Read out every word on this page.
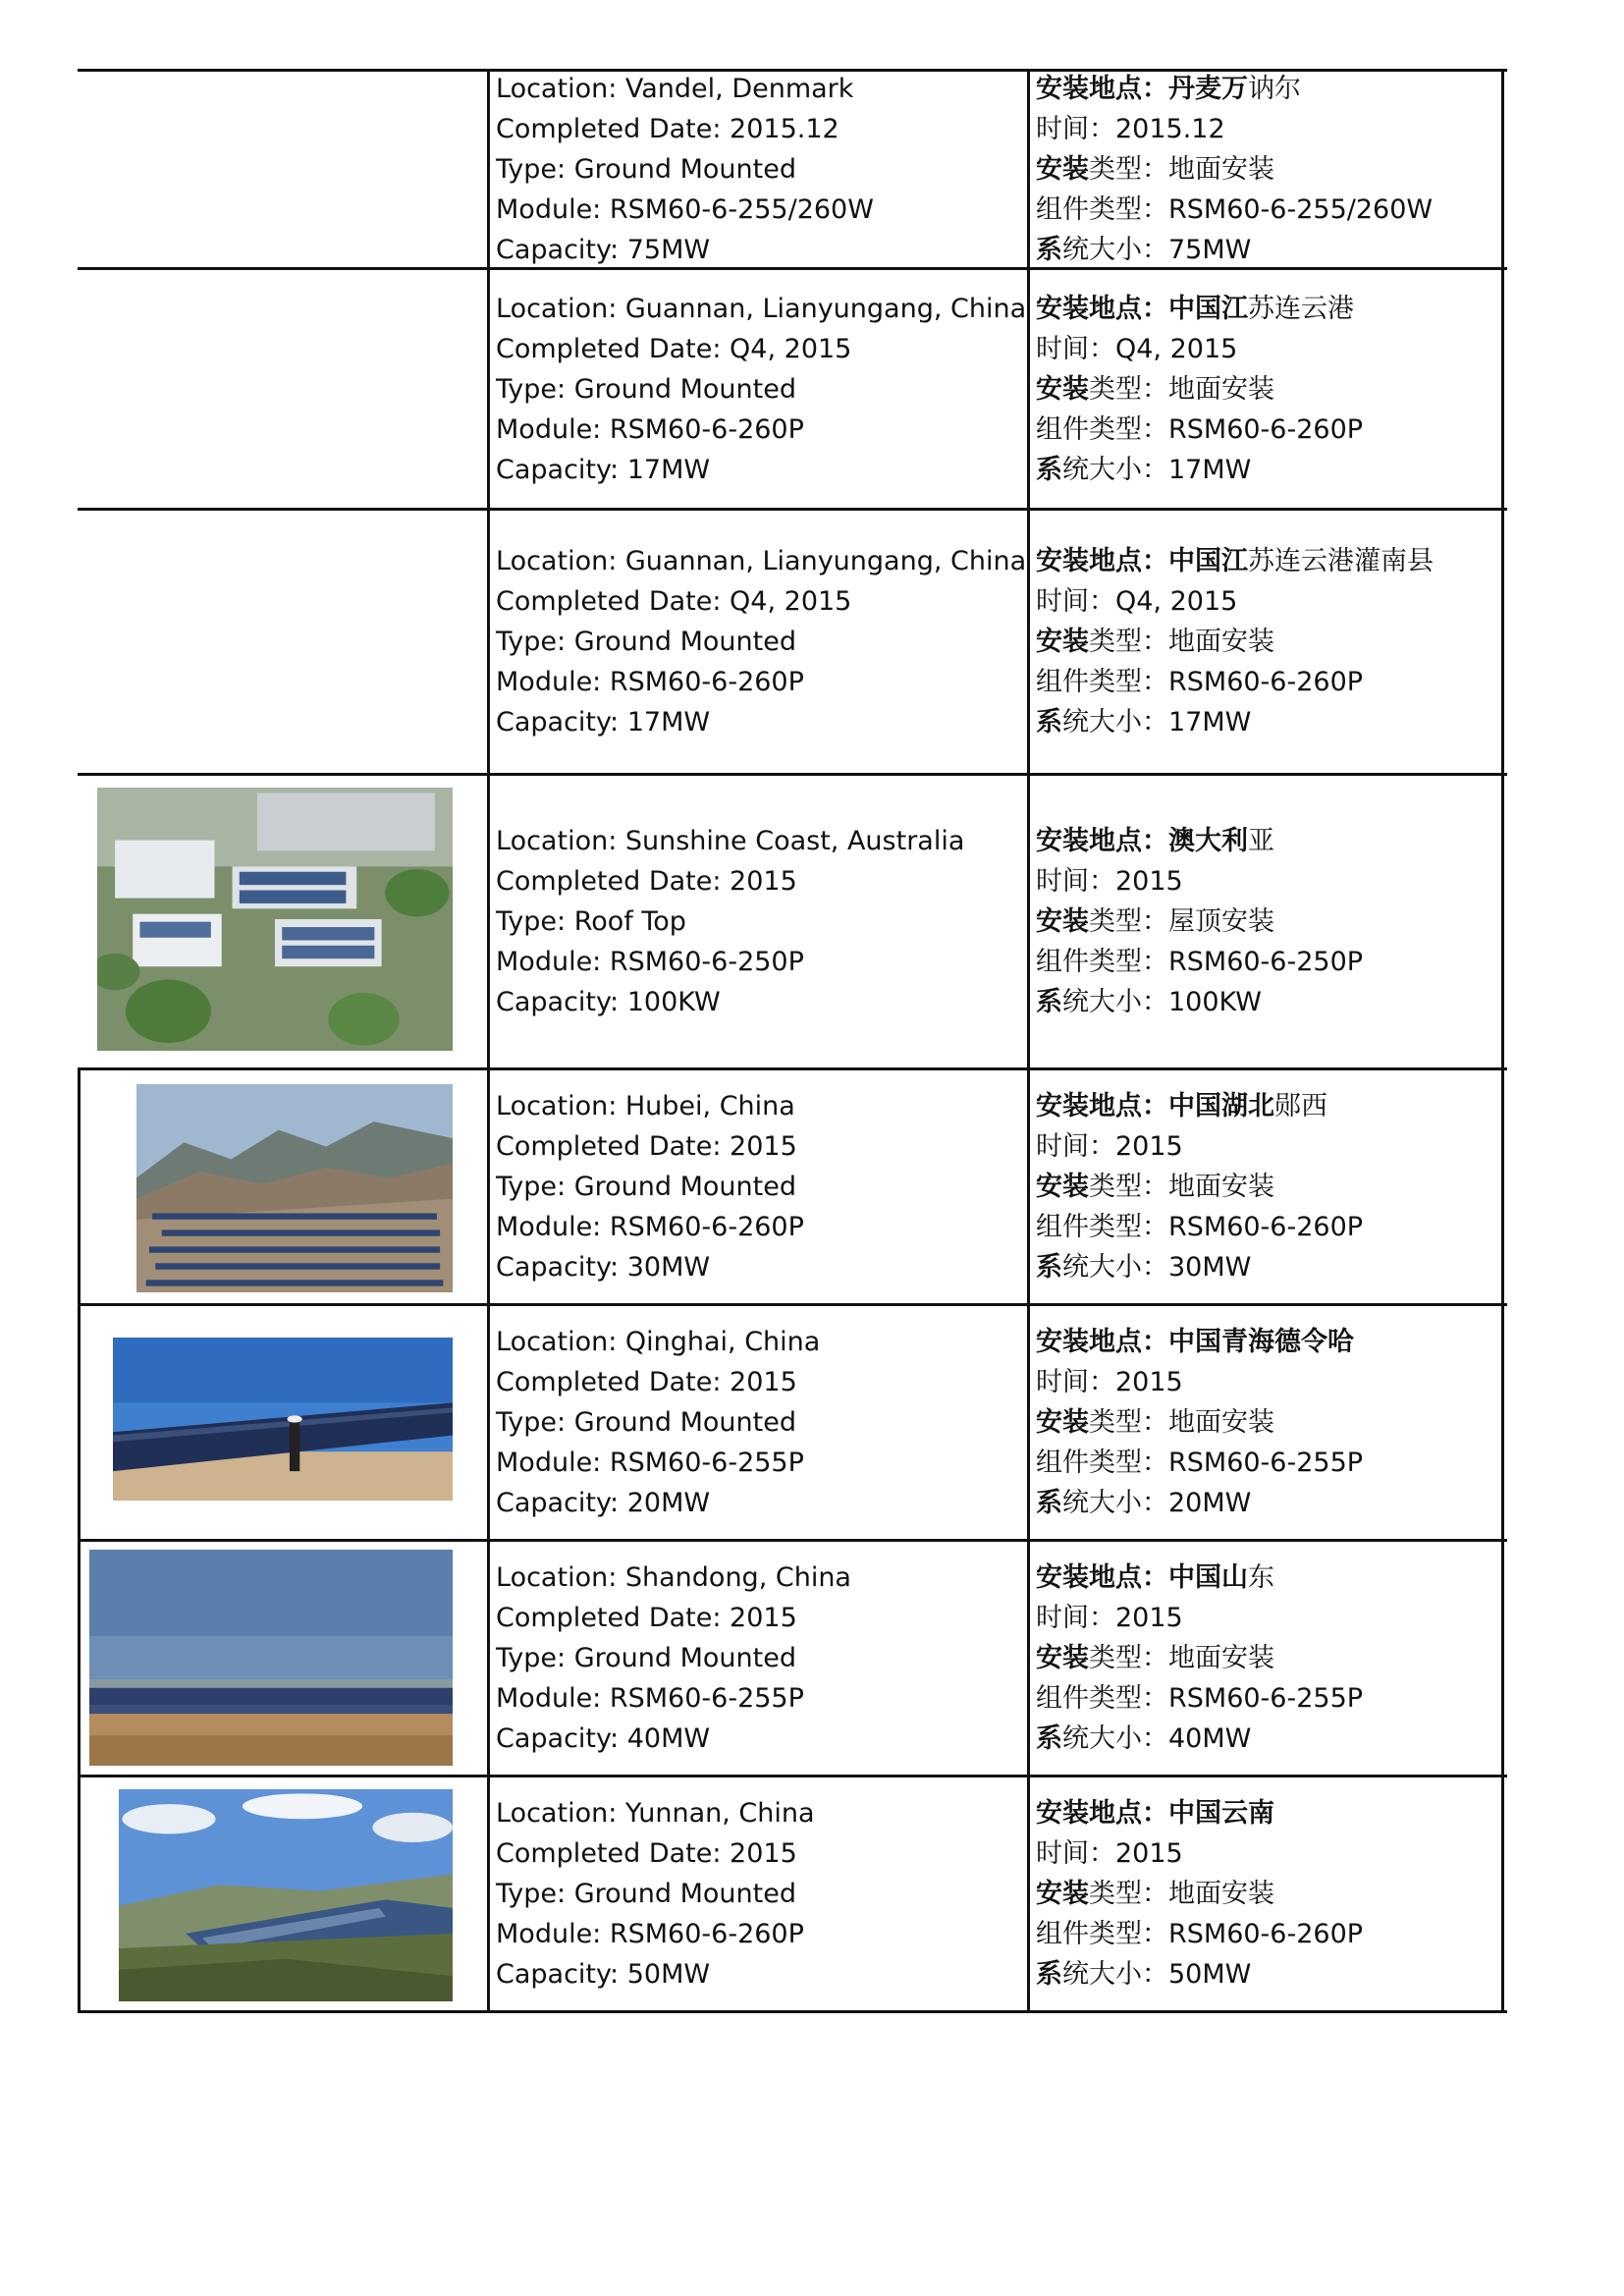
Location: Vandel, Denmark
Completed Date: 2015.12
Type: Ground Mounted
Module: RSM60-6-255/260W
Capacity: 75MW
安装地点：丹麦万讷尔
时间：2015.12
安装类型：地面安装
组件类型：RSM60-6-255/260W
系统大小：75MW
Location: Guannan, Lianyungang, China
Completed Date: Q4, 2015
Type: Ground Mounted
Module: RSM60-6-260P
Capacity: 17MW
安装地点：中国江苏连云港
时间：Q4, 2015
安装类型：地面安装
组件类型：RSM60-6-260P
系统大小：17MW
Location: Guannan, Lianyungang, China
Completed Date: Q4, 2015
Type: Ground Mounted
Module: RSM60-6-260P
Capacity: 17MW
安装地点：中国江苏连云港灌南县
时间：Q4, 2015
安装类型：地面安装
组件类型：RSM60-6-260P
系统大小：17MW
Location: Sunshine Coast, Australia
Completed Date: 2015
Type: Roof Top
Module: RSM60-6-250P
Capacity: 100KW
安装地点：澳大利亚
时间：2015
安装类型：屋顶安装
组件类型：RSM60-6-250P
系统大小：100KW
Location: Hubei, China
Completed Date: 2015
Type: Ground Mounted
Module: RSM60-6-260P
Capacity: 30MW
安装地点：中国湖北郧西
时间：2015
安装类型：地面安装
组件类型：RSM60-6-260P
系统大小：30MW
Location: Qinghai, China
Completed Date: 2015
Type: Ground Mounted
Module: RSM60-6-255P
Capacity: 20MW
安装地点：中国青海德令哈
时间：2015
安装类型：地面安装
组件类型：RSM60-6-255P
系统大小：20MW
Location: Shandong, China
Completed Date: 2015
Type: Ground Mounted
Module: RSM60-6-255P
Capacity: 40MW
安装地点：中国山东
时间：2015
安装类型：地面安装
组件类型：RSM60-6-255P
系统大小：40MW
Location: Yunnan, China
Completed Date: 2015
Type: Ground Mounted
Module: RSM60-6-260P
Capacity: 50MW
安装地点：中国云南
时间：2015
安装类型：地面安装
组件类型：RSM60-6-260P
系统大小：50MW
